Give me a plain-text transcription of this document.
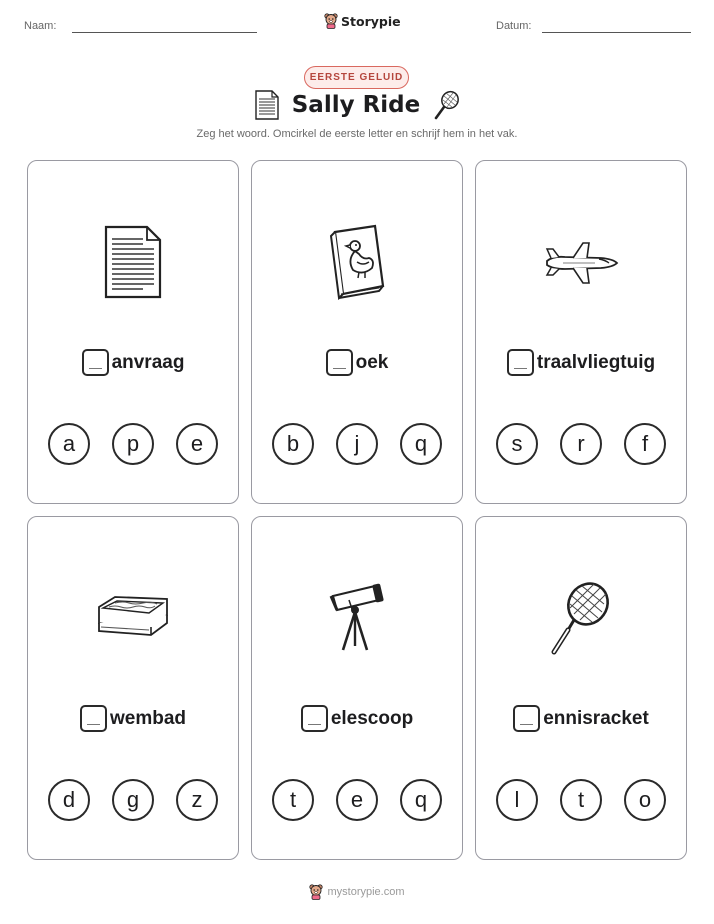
Naam:	Storypie	Datum:
EERSTE GELUID
Sally Ride
Zeg het woord. Omcirkel de eerste letter en schrijf hem in het vak.
anvraag
a	p	e
oek
b	j	q
traalvliegtuig
s	r	f
wembad
d	g	z
elescoop
t	e	q
ennisracket
l	t	o
mystorypie.com
